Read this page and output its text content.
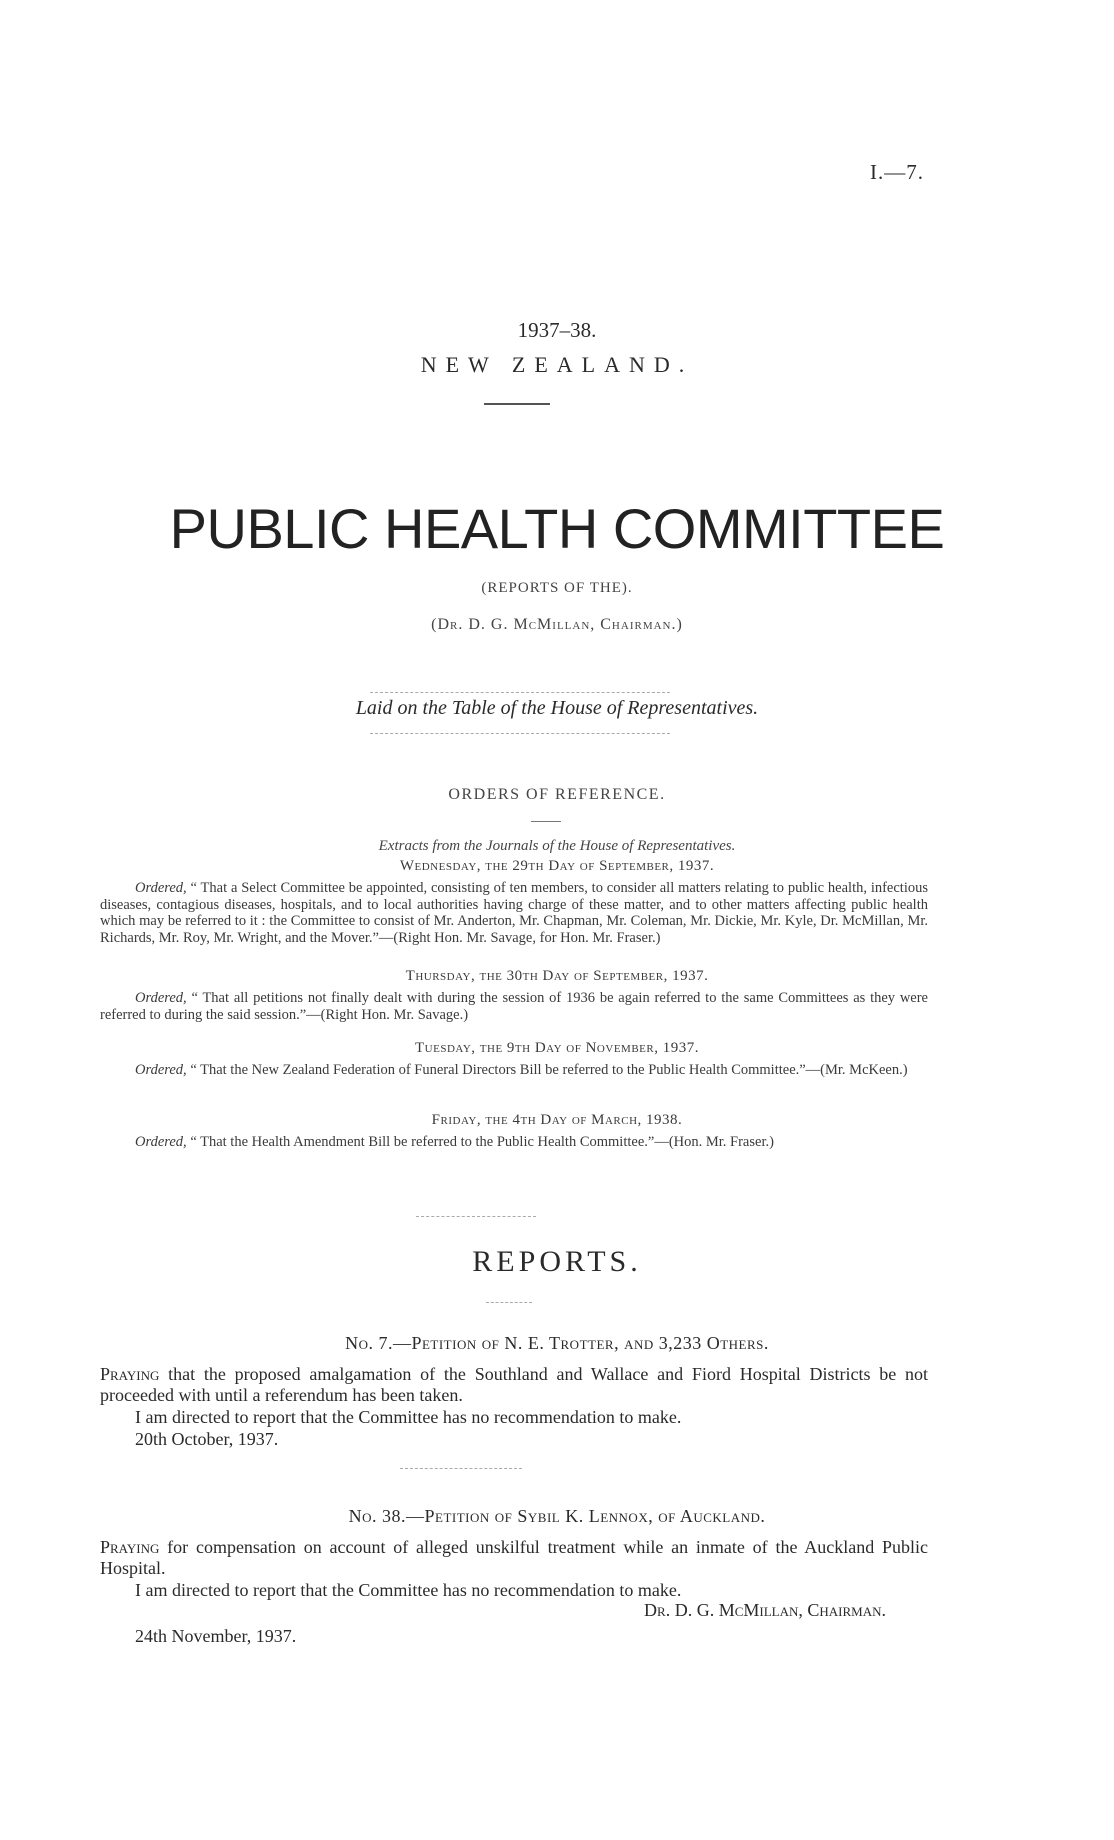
I.—7.
1937–38.
NEW ZEALAND.
PUBLIC HEALTH COMMITTEE
(REPORTS OF THE).
(Dr. D. G. McMillan, Chairman.)
Laid on the Table of the House of Representatives.
ORDERS OF REFERENCE.
Extracts from the Journals of the House of Representatives.
Wednesday, the 29th Day of September, 1937.
Ordered, “ That a Select Committee be appointed, consisting of ten members, to consider all matters relating to public health, infectious diseases, contagious diseases, hospitals, and to local authorities having charge of these matter, and to other matters affecting public health which may be referred to it : the Committee to consist of Mr. Anderton, Mr. Chapman, Mr. Coleman, Mr. Dickie, Mr. Kyle, Dr. McMillan, Mr. Richards, Mr. Roy, Mr. Wright, and the Mover.”—(Right Hon. Mr. Savage, for Hon. Mr. Fraser.)
Thursday, the 30th Day of September, 1937.
Ordered, “ That all petitions not finally dealt with during the session of 1936 be again referred to the same Committees as they were referred to during the said session.”—(Right Hon. Mr. Savage.)
Tuesday, the 9th Day of November, 1937.
Ordered, “ That the New Zealand Federation of Funeral Directors Bill be referred to the Public Health Committee.”—(Mr. McKeen.)
Friday, the 4th Day of March, 1938.
Ordered, “ That the Health Amendment Bill be referred to the Public Health Committee.”—(Hon. Mr. Fraser.)
REPORTS.
No. 7.—Petition of N. E. Trotter, and 3,233 Others.
Praying that the proposed amalgamation of the Southland and Wallace and Fiord Hospital Districts be not proceeded with until a referendum has been taken.
I am directed to report that the Committee has no recommendation to make.
20th October, 1937.
No. 38.—Petition of Sybil K. Lennox, of Auckland.
Praying for compensation on account of alleged unskilful treatment while an inmate of the Auckland Public Hospital.
I am directed to report that the Committee has no recommendation to make.
Dr. D. G. McMillan, Chairman.
24th November, 1937.
